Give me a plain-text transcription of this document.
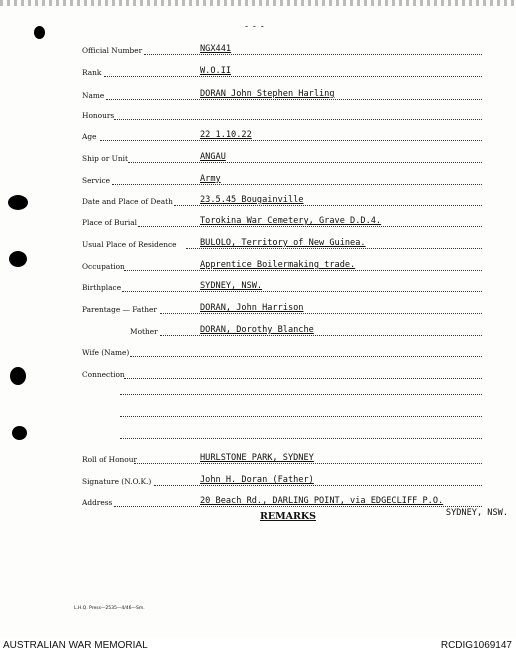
- - -
Official Number	NGX441
Rank	W.O.II
Name	DORAN John Stephen Harling
Honours
Age	22 1.10.22
Ship or Unit	ANGAU
Service	Army
Date and Place of Death	23.5.45 Bougainville
Place of Burial	Torokina War Cemetery, Grave D.D.4.
Usual Place of Residence	BULOLO, Territory of New Guinea.
Occupation	Apprentice Boilermaking trade.
Birthplace	SYDNEY, NSW.
Parentage — Father	DORAN, John Harrison
Mother	DORAN, Dorothy Blanche
Wife (Name)
Connection
Roll of Honour	HURLSTONE PARK, SYDNEY
Signature (N.O.K.)	John H. Doran (Father)
Address	20 Beach Rd., DARLING POINT, via EDGECLIFF P.O.
SYDNEY, NSW.
REMARKS
L.H.Q. Press—2535—4/46—Sm.
AUSTRALIAN WAR MEMORIAL	RCDIG1069147
